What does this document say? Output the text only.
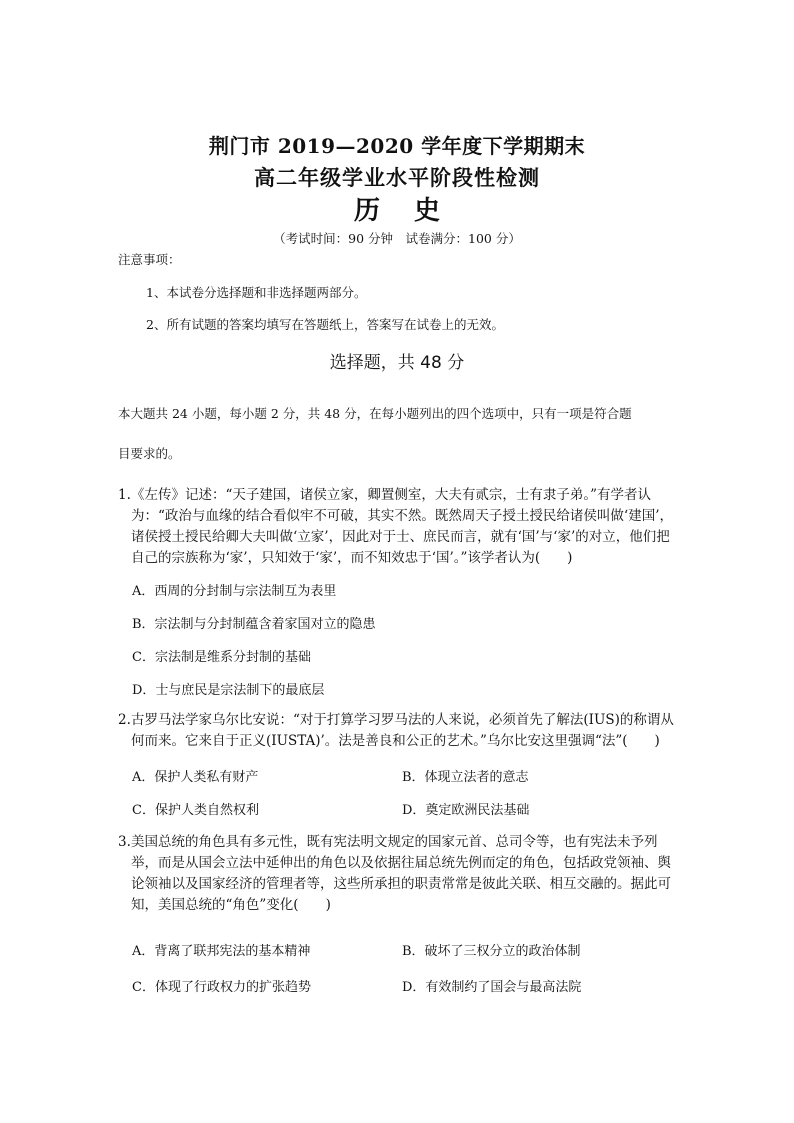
荆门市 2019—2020 学年度下学期期末
高二年级学业水平阶段性检测
历史
（考试时间：90 分钟　试卷满分：100 分）
注意事项：
1、本试卷分选择题和非选择题两部分。
2、所有试题的答案均填写在答题纸上，答案写在试卷上的无效。
选择题，共 48 分
本大题共 24 小题，每小题 2 分，共 48 分，在每小题列出的四个选项中，只有一项是符合题
目要求的。
1. 《左传》记述：“天子建国，诸侯立家，卿置侧室，大夫有贰宗，士有隶子弟。”有学者认为：“政治与血缘的结合看似牢不可破，其实不然。既然周天子授土授民给诸侯叫做‘建国’，诸侯授土授民给卿大夫叫做‘立家’，因此对于士、庶民而言，就有‘国’与‘家’的对立，他们把自己的宗族称为‘家’，只知效于‘家’，而不知效忠于‘国’。”该学者认为(　　)
A．西周的分封制与宗法制互为表里
B．宗法制与分封制蕴含着家国对立的隐患
C．宗法制是维系分封制的基础
D．士与庶民是宗法制下的最底层
2. 古罗马法学家乌尔比安说：“对于打算学习罗马法的人来说，必须首先了解法(IUS)的称谓从何而来。它来自于正义(IUSTA)’。法是善良和公正的艺术。”乌尔比安这里强调“法”(　　)
A．保护人类私有财产	B．体现立法者的意志
C．保护人类自然权利	D．奠定欧洲民法基础
3. 美国总统的角色具有多元性，既有宪法明文规定的国家元首、总司令等，也有宪法未予列举，而是从国会立法中延伸出的角色以及依据往届总统先例而定的角色，包括政党领袖、舆论领袖以及国家经济的管理者等，这些所承担的职责常常是彼此关联、相互交融的。据此可知，美国总统的“角色”变化(　　)
A．背离了联邦宪法的基本精神	B．破坏了三权分立的政治体制
C．体现了行政权力的扩张趋势	D．有效制约了国会与最高法院
